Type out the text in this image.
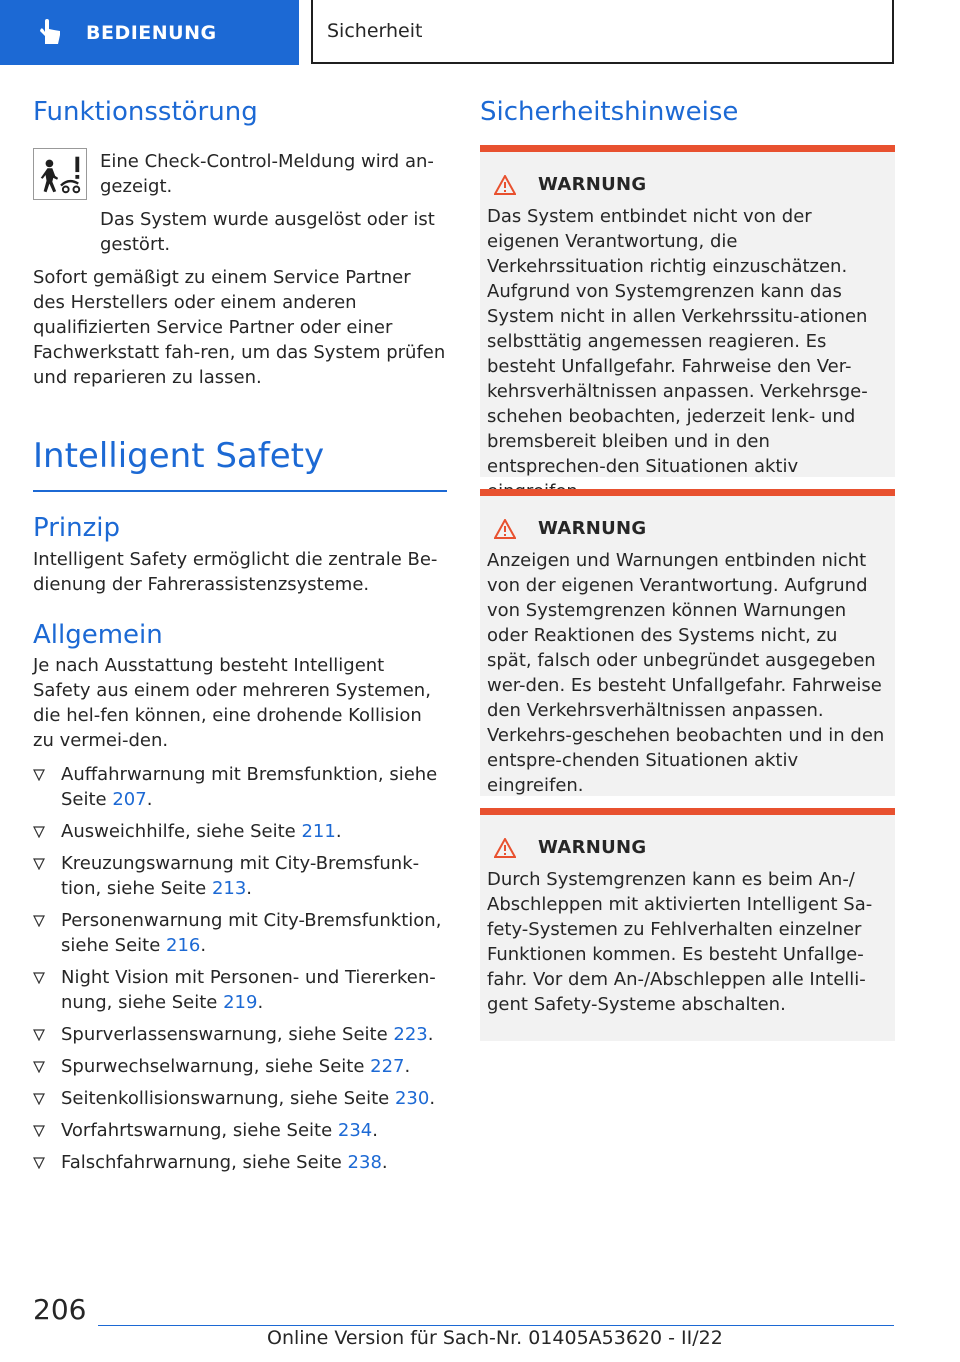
BEDIENUNG	Sicherheit
Funktionsstörung

Eine Check-Control-Meldung wird an-gezeigt.

Das System wurde ausgelöst oder ist gestört.

Sofort gemäßigt zu einem Service Partner des Herstellers oder einem anderen qualifizierten Service Partner oder einer Fachwerkstatt fah-ren, um das System prüfen und reparieren zu lassen.

Intelligent Safety
Prinzip

Intelligent Safety ermöglicht die zentrale Be-dienung der Fahrerassistenzsysteme.

Allgemein

Je nach Ausstattung besteht Intelligent Safety aus einem oder mehreren Systemen, die hel-fen können, eine drohende Kollision zu vermei-den.

Auffahrwarnung mit Bremsfunktion, siehe Seite 207.
Ausweichhilfe, siehe Seite 211.
Kreuzungswarnung mit City-Bremsfunk-tion, siehe Seite 213.
Personenwarnung mit City-Bremsfunktion, siehe Seite 216.
Night Vision mit Personen- und Tiererken-nung, siehe Seite 219.
Spurverlassenswarnung, siehe Seite 223.
Spurwechselwarnung, siehe Seite 227.
Seitenkollisionswarnung, siehe Seite 230.
Vorfahrtswarnung, siehe Seite 234.
Falschfahrwarnung, siehe Seite 238.
Sicherheitshinweise
WARNUNG

Das System entbindet nicht von der eigenen Verantwortung, die Verkehrssituation richtig einzuschätzen. Aufgrund von Systemgrenzen kann das System nicht in allen Verkehrssitu-ationen selbsttätig angemessen reagieren. Es besteht Unfallgefahr. Fahrweise den Ver-kehrsverhältnissen anpassen. Verkehrsge-schehen beobachten, jederzeit lenk- und bremsbereit bleiben und in den entsprechen-den Situationen aktiv

WARNUNG

Anzeigen und Warnungen entbinden nicht von der eigenen Verantwortung. Aufgrund von Systemgrenzen können Warnungen oder Reaktionen des Systems nicht, zu spät, falsch oder unbegründet ausgegeben wer-den. Es besteht Unfallgefahr. Fahrweise den Verkehrsverhältnissen anpassen. Verkehrs-geschehen beobachten und in den entspre-chenden Situationen aktiv eingreifen.

WARNUNG

Durch Systemgrenzen kann es beim An-/ Abschleppen mit aktivierten Intelligent Sa-fety-Systemen zu Fehlverhalten einzelner Funktionen kommen. Es besteht Unfallge-fahr. Vor dem An-/Abschleppen alle Intelli-gent Safety-Systeme abschalten.

206
Online Version für Sach-Nr. 01405A53620 - II/22
